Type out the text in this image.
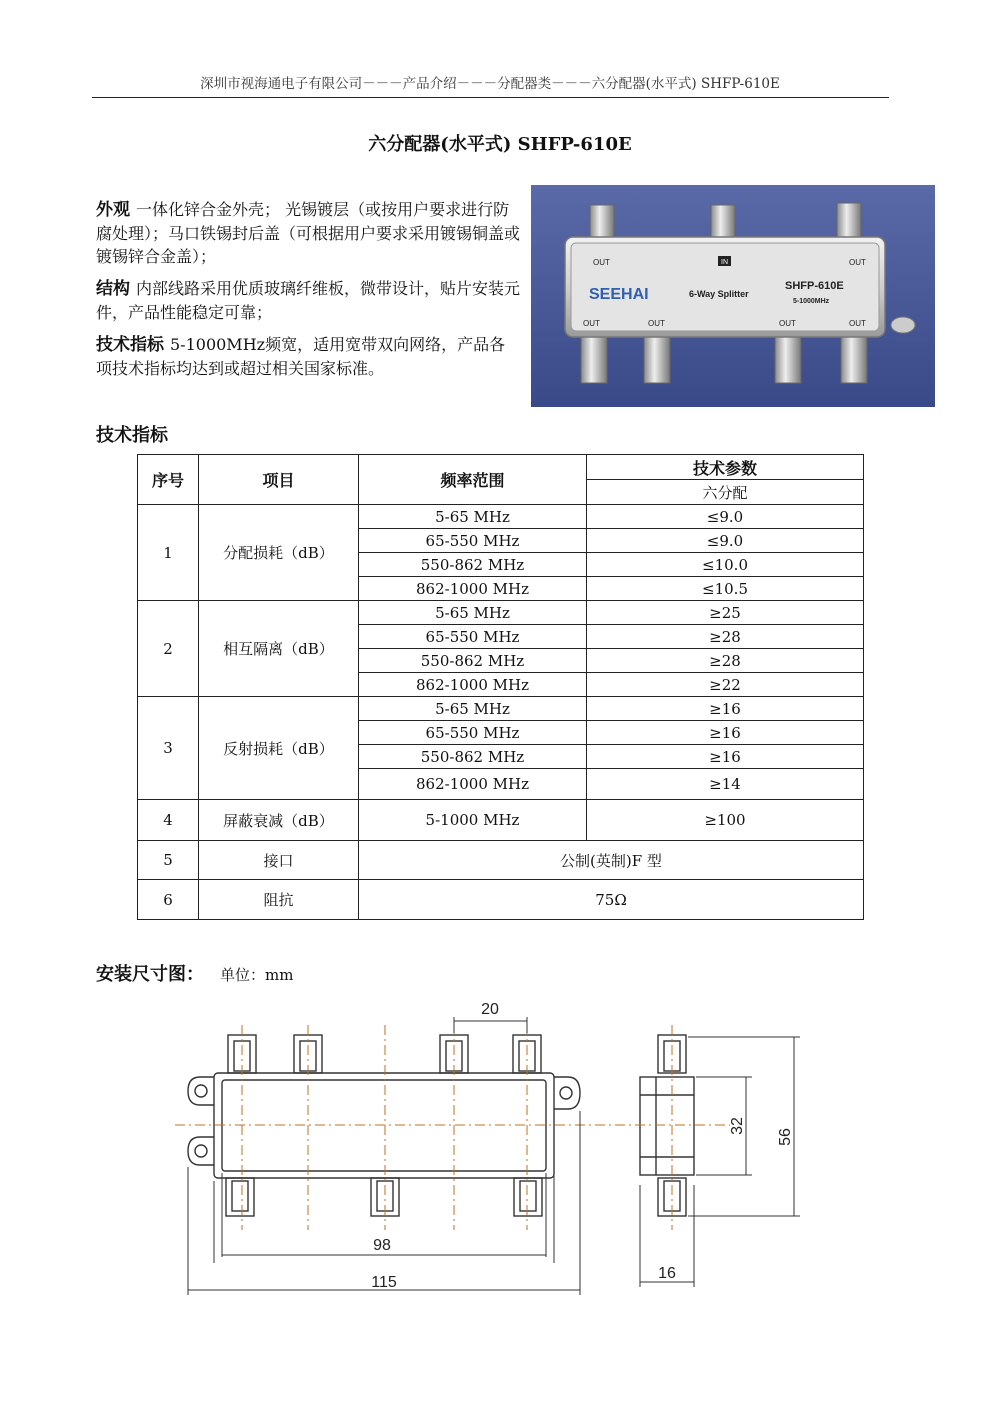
深圳市视海通电子有限公司－－－产品介绍－－－分配器类－－－六分配器(水平式) SHFP-610E
六分配器(水平式) SHFP-610E

外观 一体化锌合金外壳； 光锡镀层（或按用户要求进行防腐处理）；马口铁锡封后盖（可根据用户要求采用镀锡铜盖或镀锡锌合金盖）；

结构 内部线路采用优质玻璃纤维板，微带设计，贴片安装元件，产品性能稳定可靠；

技术指标 5-1000MHz频宽，适用宽带双向网络，产品各项技术指标均达到或超过相关国家标准。

OUT	IN	OUT
SEEHAI	6-Way Splitter
SHFP-610E
5-1000MHz
OUT	OUT	OUT	OUT
技术指标
序号	项目	频率范围	技术参数
			六分配
1	分配损耗（dB）	5-65 MHz	≤9.0
		65-550 MHz	≤9.0
		550-862 MHz	≤10.0
		862-1000 MHz	≤10.5
2	相互隔离（dB）	5-65 MHz	≥25
		65-550 MHz	≥28
		550-862 MHz	≥28
		862-1000 MHz	≥22
3	反射损耗（dB）	5-65 MHz	≥16
		65-550 MHz	≥16
		550-862 MHz	≥16
		862-1000 MHz	≥14
4	屏蔽衰减（dB）	5-1000 MHz	≥100
5	接口	公制(英制)F 型	
6	阻抗	75Ω	
安装尺寸图： 单位：mm
20
98
115
16
32
56
